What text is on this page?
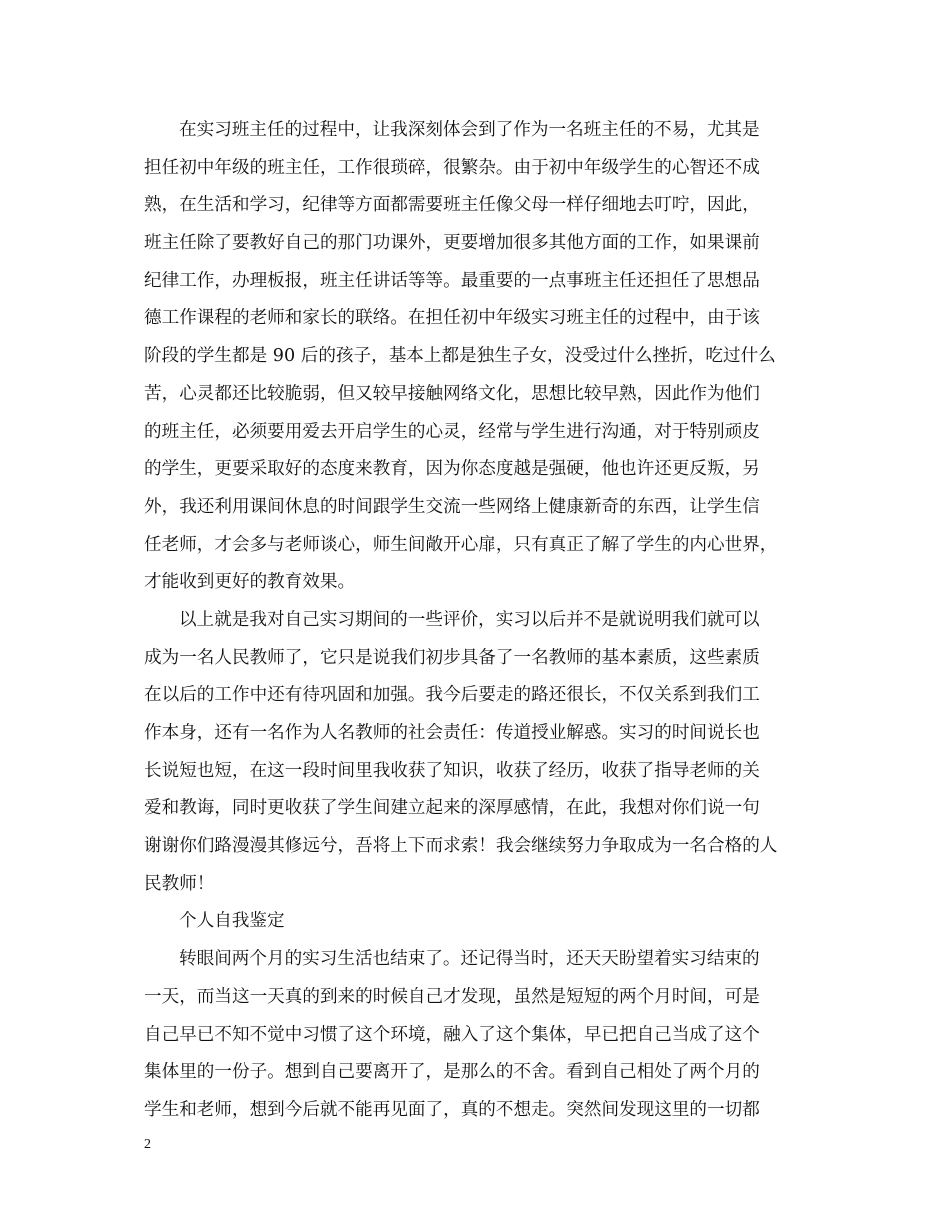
在实习班主任的过程中，让我深刻体会到了作为一名班主任的不易，尤其是
担任初中年级的班主任，工作很琐碎，很繁杂。由于初中年级学生的心智还不成
熟，在生活和学习，纪律等方面都需要班主任像父母一样仔细地去叮咛，因此，
班主任除了要教好自己的那门功课外，更要增加很多其他方面的工作，如果课前
纪律工作，办理板报，班主任讲话等等。最重要的一点事班主任还担任了思想品
德工作课程的老师和家长的联络。在担任初中年级实习班主任的过程中，由于该
阶段的学生都是 90 后的孩子，基本上都是独生子女，没受过什么挫折，吃过什么
苦，心灵都还比较脆弱，但又较早接触网络文化，思想比较早熟，因此作为他们
的班主任，必须要用爱去开启学生的心灵，经常与学生进行沟通，对于特别顽皮
的学生，更要采取好的态度来教育，因为你态度越是强硬，他也许还更反叛，另
外，我还利用课间休息的时间跟学生交流一些网络上健康新奇的东西，让学生信
任老师，才会多与老师谈心，师生间敞开心扉，只有真正了解了学生的内心世界，
才能收到更好的教育效果。
以上就是我对自己实习期间的一些评价，实习以后并不是就说明我们就可以
成为一名人民教师了，它只是说我们初步具备了一名教师的基本素质，这些素质
在以后的工作中还有待巩固和加强。我今后要走的路还很长，不仅关系到我们工
作本身，还有一名作为人名教师的社会责任：传道授业解惑。实习的时间说长也
长说短也短，在这一段时间里我收获了知识，收获了经历，收获了指导老师的关
爱和教诲，同时更收获了学生间建立起来的深厚感情，在此，我想对你们说一句
谢谢你们路漫漫其修远兮，吾将上下而求索！我会继续努力争取成为一名合格的人
民教师！
个人自我鉴定
转眼间两个月的实习生活也结束了。还记得当时，还天天盼望着实习结束的
一天，而当这一天真的到来的时候自己才发现，虽然是短短的两个月时间，可是
自己早已不知不觉中习惯了这个环境，融入了这个集体，早已把自己当成了这个
集体里的一份子。想到自己要离开了，是那么的不舍。看到自己相处了两个月的
学生和老师，想到今后就不能再见面了，真的不想走。突然间发现这里的一切都
2
